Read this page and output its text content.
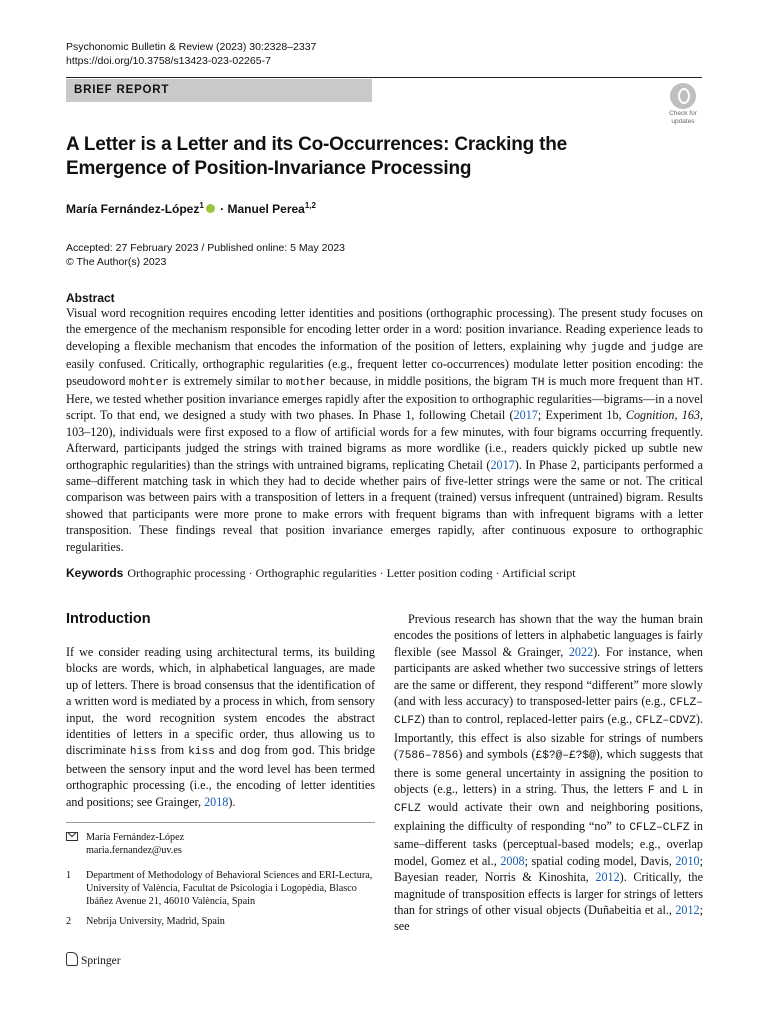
Psychonomic Bulletin & Review (2023) 30:2328–2337
https://doi.org/10.3758/s13423-023-02265-7
BRIEF REPORT
Check for
updates
A Letter is a Letter and its Co-Occurrences: Cracking the Emergence of Position-Invariance Processing
María Fernández-López$^1$ · Manuel Perea$^{1,2}$
Accepted: 27 February 2023 / Published online: 5 May 2023
© The Author(s) 2023
Abstract
Visual word recognition requires encoding letter identities and positions (orthographic processing). The present study focuses on the emergence of the mechanism responsible for encoding letter order in a word: position invariance. Reading experience leads to developing a flexible mechanism that encodes the information of the position of letters, explaining why jugde and judge are easily confused. Critically, orthographic regularities (e.g., frequent letter co-occurrences) modulate letter position encoding: the pseudoword mohter is extremely similar to mother because, in middle positions, the bigram TH is much more frequent than HT. Here, we tested whether position invariance emerges rapidly after the exposition to orthographic regularities—bigrams—in a novel script. To that end, we designed a study with two phases. In Phase 1, following Chetail (2017; Experiment 1b, Cognition, 163, 103–120), individuals were first exposed to a flow of artificial words for a few minutes, with four bigrams occurring frequently. Afterward, participants judged the strings with trained bigrams as more wordlike (i.e., readers quickly picked up subtle new orthographic regularities) than the strings with untrained bigrams, replicating Chetail (2017). In Phase 2, participants performed a same–different matching task in which they had to decide whether pairs of five-letter strings were the same or not. The critical comparison was between pairs with a transposition of letters in a frequent (trained) versus infrequent (untrained) bigram. Results showed that participants were more prone to make errors with frequent bigrams than with infrequent bigrams with a letter transposition. These findings reveal that position invariance emerges rapidly, after continuous exposure to orthographic regularities.
Keywords Orthographic processing · Orthographic regularities · Letter position coding · Artificial script
Introduction
If we consider reading using architectural terms, its building blocks are words, which, in alphabetical languages, are made up of letters. There is broad consensus that the identification of a written word is mediated by a process in which, from sensory input, the word recognition system encodes the abstract identities of letters in a specific order, thus allowing us to discriminate hiss from kiss and dog from god. This bridge between the sensory input and the word level has been termed orthographic processing (i.e., the encoding of letter identities and positions; see Grainger, 2018).
María Fernández-López
maria.fernandez@uv.es
1 Department of Methodology of Behavioral Sciences and ERI-Lectura, University of València, Facultat de Psicologia i Logopèdia, Blasco Ibáñez Avenue 21, 46010 València, Spain
2 Nebrija University, Madrid, Spain
Previous research has shown that the way the human brain encodes the positions of letters in alphabetic languages is fairly flexible (see Massol & Grainger, 2022). For instance, when participants are asked whether two successive strings of letters are the same or different, they respond “different” more slowly (and with less accuracy) to transposed-letter pairs (e.g., CFLZ–CLFZ) than to control, replaced-letter pairs (e.g., CFLZ–CDVZ). Importantly, this effect is also sizable for strings of numbers (7586–7856) and symbols (£$?@–£?$@), which suggests that there is some general uncertainty in assigning the position to objects (e.g., letters) in a string. Thus, the letters F and L in CFLZ would activate their own and neighboring positions, explaining the difficulty of responding “no” to CFLZ–CLFZ in same–different tasks (perceptual-based models; e.g., overlap model, Gomez et al., 2008; spatial coding model, Davis, 2010; Bayesian reader, Norris & Kinoshita, 2012). Critically, the magnitude of transposition effects is larger for strings of letters than for strings of other visual objects (Duñabeitia et al., 2012; see
Springer
